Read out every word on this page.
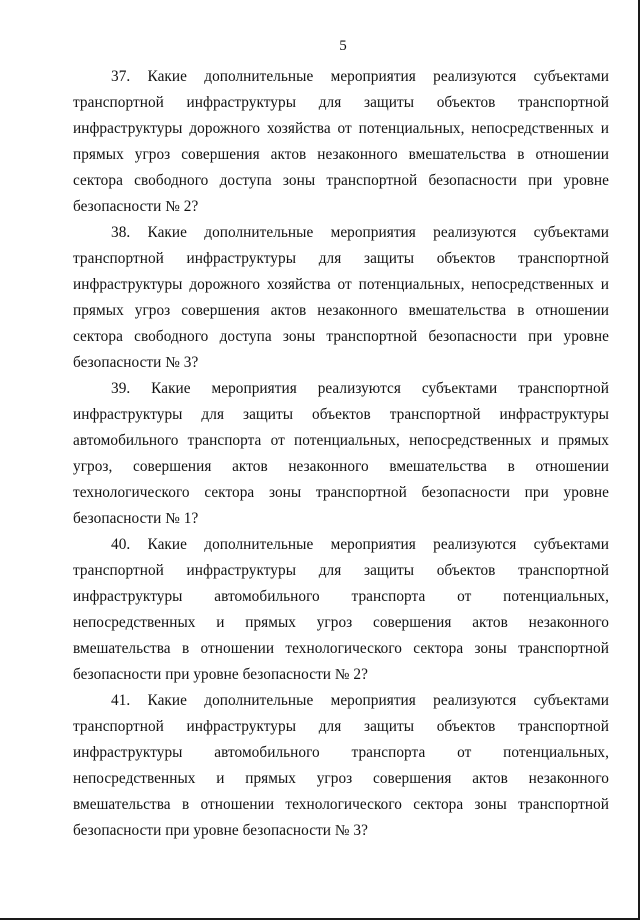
5

37. Какие дополнительные мероприятия реализуются субъектами транспортной инфраструктуры для защиты объектов транспортной инфраструктуры дорожного хозяйства от потенциальных, непосредственных и прямых угроз совершения актов незаконного вмешательства в отношении сектора свободного доступа зоны транспортной безопасности при уровне безопасности № 2?

38. Какие дополнительные мероприятия реализуются субъектами транспортной инфраструктуры для защиты объектов транспортной инфраструктуры дорожного хозяйства от потенциальных, непосредственных и прямых угроз совершения актов незаконного вмешательства в отношении сектора свободного доступа зоны транспортной безопасности при уровне безопасности № 3?

39. Какие мероприятия реализуются субъектами транспортной инфраструктуры для защиты объектов транспортной инфраструктуры автомобильного транспорта от потенциальных, непосредственных и прямых угроз, совершения актов незаконного вмешательства в отношении технологического сектора зоны транспортной безопасности при уровне безопасности № 1?

40. Какие дополнительные мероприятия реализуются субъектами транспортной инфраструктуры для защиты объектов транспортной инфраструктуры автомобильного транспорта от потенциальных, непосредственных и прямых угроз совершения актов незаконного вмешательства в отношении технологического сектора зоны транспортной безопасности при уровне безопасности № 2?

41. Какие дополнительные мероприятия реализуются субъектами транспортной инфраструктуры для защиты объектов транспортной инфраструктуры автомобильного транспорта от потенциальных, непосредственных и прямых угроз совершения актов незаконного вмешательства в отношении технологического сектора зоны транспортной безопасности при уровне безопасности № 3?
